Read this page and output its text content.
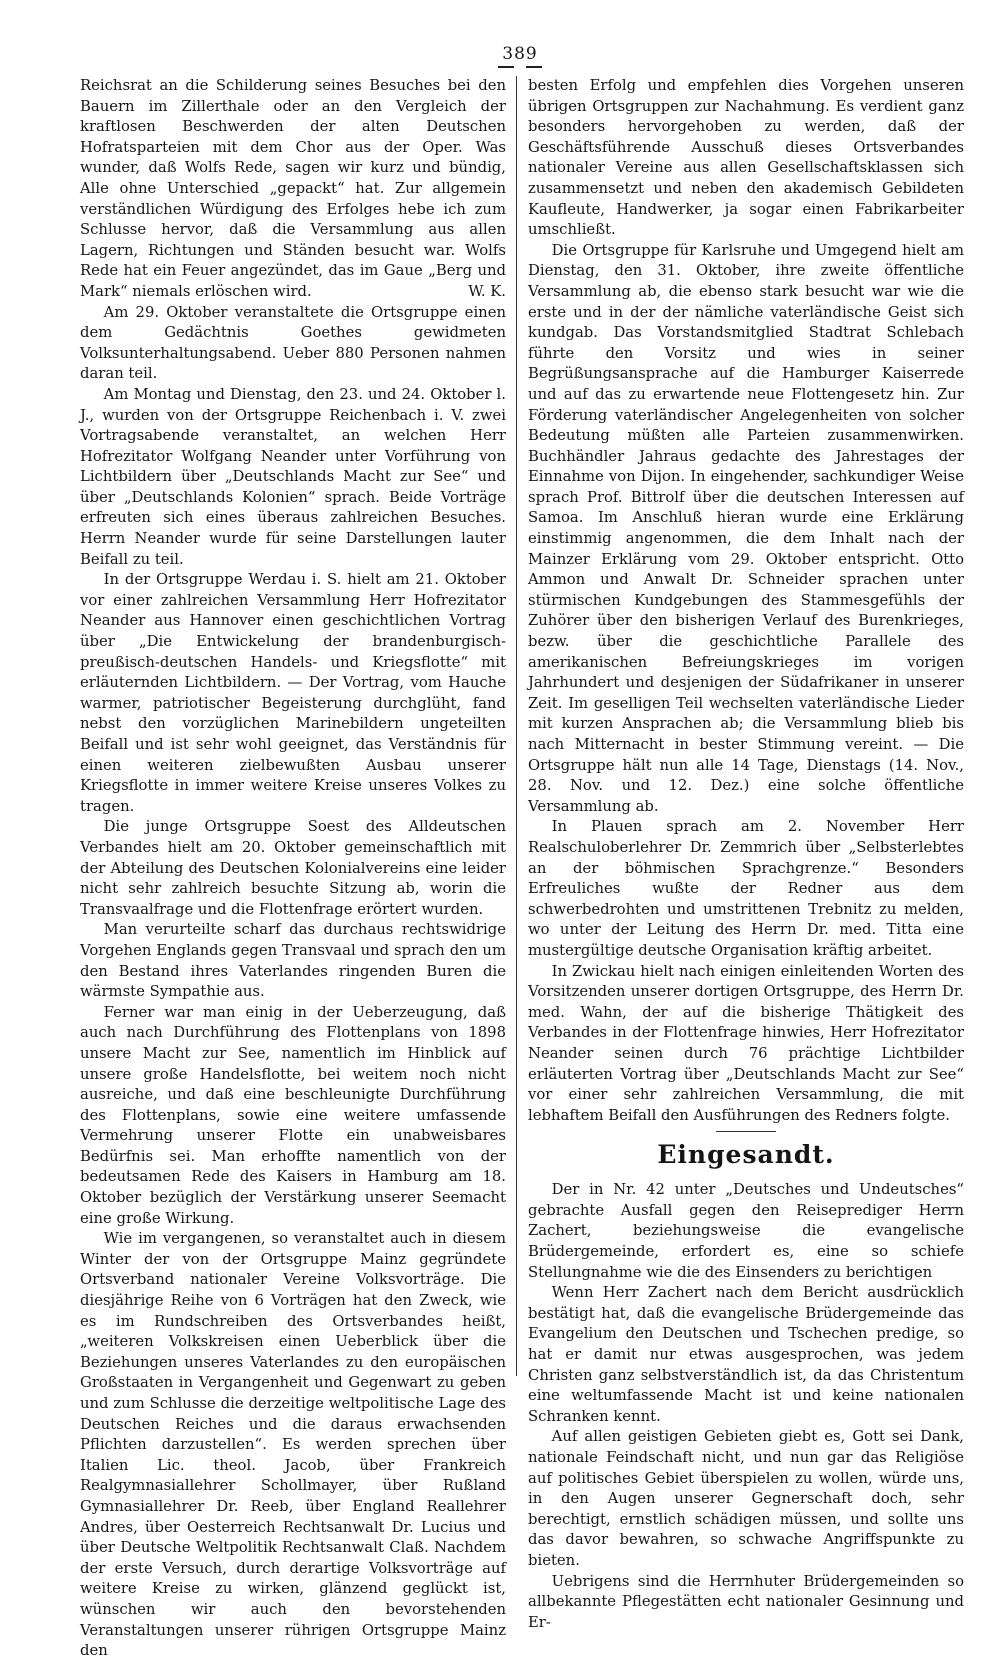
389

Reichsrat an die Schilderung seines Besuches bei den Bauern im Zillerthale oder an den Vergleich der kraftlosen Beschwerden der alten Deutschen Hofratsparteien mit dem Chor aus der Oper. Was wunder, daß Wolfs Rede, sagen wir kurz und bündig, Alle ohne Unterschied „gepackt“ hat. Zur allgemein verständlichen Würdigung des Erfolges hebe ich zum Schlusse hervor, daß die Versammlung aus allen Lagern, Richtungen und Ständen besucht war. Wolfs Rede hat ein Feuer angezündet, das im Gaue „Berg und Mark“ niemals erlöschen wird.	W. K.

Am 29. Oktober veranstaltete die Ortsgruppe einen dem Gedächtnis Goethes gewidmeten Volksunterhaltungsabend. Ueber 880 Personen nahmen daran teil.

Am Montag und Dienstag, den 23. und 24. Oktober l. J., wurden von der Ortsgruppe Reichenbach i. V. zwei Vortragsabende veranstaltet, an welchen Herr Hofrezitator Wolfgang Neander unter Vorführung von Lichtbildern über „Deutschlands Macht zur See“ und über „Deutschlands Kolonien“ sprach. Beide Vorträge erfreuten sich eines überaus zahlreichen Besuches. Herrn Neander wurde für seine Darstellungen lauter Beifall zu teil.

In der Ortsgruppe Werdau i. S. hielt am 21. Oktober vor einer zahlreichen Versammlung Herr Hofrezitator Neander aus Hannover einen geschichtlichen Vortrag über „Die Entwickelung der brandenburgisch-preußisch-deutschen Handels- und Kriegsflotte“ mit erläuternden Lichtbildern. — Der Vortrag, vom Hauche warmer, patriotischer Begeisterung durchglüht, fand nebst den vorzüglichen Marinebildern ungeteilten Beifall und ist sehr wohl geeignet, das Verständnis für einen weiteren zielbewußten Ausbau unserer Kriegsflotte in immer weitere Kreise unseres Volkes zu tragen.

Die junge Ortsgruppe Soest des Alldeutschen Verbandes hielt am 20. Oktober gemeinschaftlich mit der Abteilung des Deutschen Kolonialvereins eine leider nicht sehr zahlreich besuchte Sitzung ab, worin die Transvaalfrage und die Flottenfrage erörtert wurden.

Man verurteilte scharf das durchaus rechtswidrige Vorgehen Englands gegen Transvaal und sprach den um den Bestand ihres Vaterlandes ringenden Buren die wärmste Sympathie aus.

Ferner war man einig in der Ueberzeugung, daß auch nach Durchführung des Flottenplans von 1898 unsere Macht zur See, namentlich im Hinblick auf unsere große Handelsflotte, bei weitem noch nicht ausreiche, und daß eine beschleunigte Durchführung des Flottenplans, sowie eine weitere umfassende Vermehrung unserer Flotte ein unabweisbares Bedürfnis sei. Man erhoffte namentlich von der bedeutsamen Rede des Kaisers in Hamburg am 18. Oktober bezüglich der Verstärkung unserer Seemacht eine große Wirkung.

Wie im vergangenen, so veranstaltet auch in diesem Winter der von der Ortsgruppe Mainz gegründete Ortsverband nationaler Vereine Volksvorträge. Die diesjährige Reihe von 6 Vorträgen hat den Zweck, wie es im Rundschreiben des Ortsverbandes heißt, „weiteren Volkskreisen einen Ueberblick über die Beziehungen unseres Vaterlandes zu den europäischen Großstaaten in Vergangenheit und Gegenwart zu geben und zum Schlusse die derzeitige weltpolitische Lage des Deutschen Reiches und die daraus erwachsenden Pflichten darzustellen“. Es werden sprechen über Italien Lic. theol. Jacob, über Frankreich Realgymnasiallehrer Schollmayer, über Rußland Gymnasiallehrer Dr. Reeb, über England Reallehrer Andres, über Oesterreich Rechtsanwalt Dr. Lucius und über Deutsche Weltpolitik Rechtsanwalt Claß. Nachdem der erste Versuch, durch derartige Volksvorträge auf weitere Kreise zu wirken, glänzend geglückt ist, wünschen wir auch den bevorstehenden Veranstaltungen unserer rührigen Ortsgruppe Mainz den

besten Erfolg und empfehlen dies Vorgehen unseren übrigen Ortsgruppen zur Nachahmung. Es verdient ganz besonders hervorgehoben zu werden, daß der Geschäftsführende Ausschuß dieses Ortsverbandes nationaler Vereine aus allen Gesellschaftsklassen sich zusammensetzt und neben den akademisch Gebildeten Kaufleute, Handwerker, ja sogar einen Fabrikarbeiter umschließt.

Die Ortsgruppe für Karlsruhe und Umgegend hielt am Dienstag, den 31. Oktober, ihre zweite öffentliche Versammlung ab, die ebenso stark besucht war wie die erste und in der der nämliche vaterländische Geist sich kundgab. Das Vorstandsmitglied Stadtrat Schlebach führte den Vorsitz und wies in seiner Begrüßungsansprache auf die Hamburger Kaiserrede und auf das zu erwartende neue Flottengesetz hin. Zur Förderung vaterländischer Angelegenheiten von solcher Bedeutung müßten alle Parteien zusammenwirken. Buchhändler Jahraus gedachte des Jahrestages der Einnahme von Dijon. In eingehender, sachkundiger Weise sprach Prof. Bittrolf über die deutschen Interessen auf Samoa. Im Anschluß hieran wurde eine Erklärung einstimmig angenommen, die dem Inhalt nach der Mainzer Erklärung vom 29. Oktober entspricht. Otto Ammon und Anwalt Dr. Schneider sprachen unter stürmischen Kundgebungen des Stammesgefühls der Zuhörer über den bisherigen Verlauf des Burenkrieges, bezw. über die geschichtliche Parallele des amerikanischen Befreiungskrieges im vorigen Jahrhundert und desjenigen der Südafrikaner in unserer Zeit. Im geselligen Teil wechselten vaterländische Lieder mit kurzen Ansprachen ab; die Versammlung blieb bis nach Mitternacht in bester Stimmung vereint. — Die Ortsgruppe hält nun alle 14 Tage, Dienstags (14. Nov., 28. Nov. und 12. Dez.) eine solche öffentliche Versammlung ab.

In Plauen sprach am 2. November Herr Realschuloberlehrer Dr. Zemmrich über „Selbsterlebtes an der böhmischen Sprachgrenze.“ Besonders Erfreuliches wußte der Redner aus dem schwerbedrohten und umstrittenen Trebnitz zu melden, wo unter der Leitung des Herrn Dr. med. Titta eine mustergültige deutsche Organisation kräftig arbeitet.

In Zwickau hielt nach einigen einleitenden Worten des Vorsitzenden unserer dortigen Ortsgruppe, des Herrn Dr. med. Wahn, der auf die bisherige Thätigkeit des Verbandes in der Flottenfrage hinwies, Herr Hofrezitator Neander seinen durch 76 prächtige Lichtbilder erläuterten Vortrag über „Deutschlands Macht zur See“ vor einer sehr zahlreichen Versammlung, die mit lebhaftem Beifall den Ausführungen des Redners folgte.

Eingesandt.

Der in Nr. 42 unter „Deutsches und Undeutsches“ gebrachte Ausfall gegen den Reiseprediger Herrn Zachert, beziehungsweise die evangelische Brüdergemeinde, erfordert es, eine so schiefe Stellungnahme wie die des Einsenders zu berichtigen

Wenn Herr Zachert nach dem Bericht ausdrücklich bestätigt hat, daß die evangelische Brüdergemeinde das Evangelium den Deutschen und Tschechen predige, so hat er damit nur etwas ausgesprochen, was jedem Christen ganz selbstverständlich ist, da das Christentum eine weltumfassende Macht ist und keine nationalen Schranken kennt.

Auf allen geistigen Gebieten giebt es, Gott sei Dank, nationale Feindschaft nicht, und nun gar das Religiöse auf politisches Gebiet überspielen zu wollen, würde uns, in den Augen unserer Gegnerschaft doch, sehr berechtigt, ernstlich schädigen müssen, und sollte uns das davor bewahren, so schwache Angriffspunkte zu bieten.

Uebrigens sind die Herrnhuter Brüdergemeinden so allbekannte Pflegestätten echt nationaler Gesinnung und Er-
